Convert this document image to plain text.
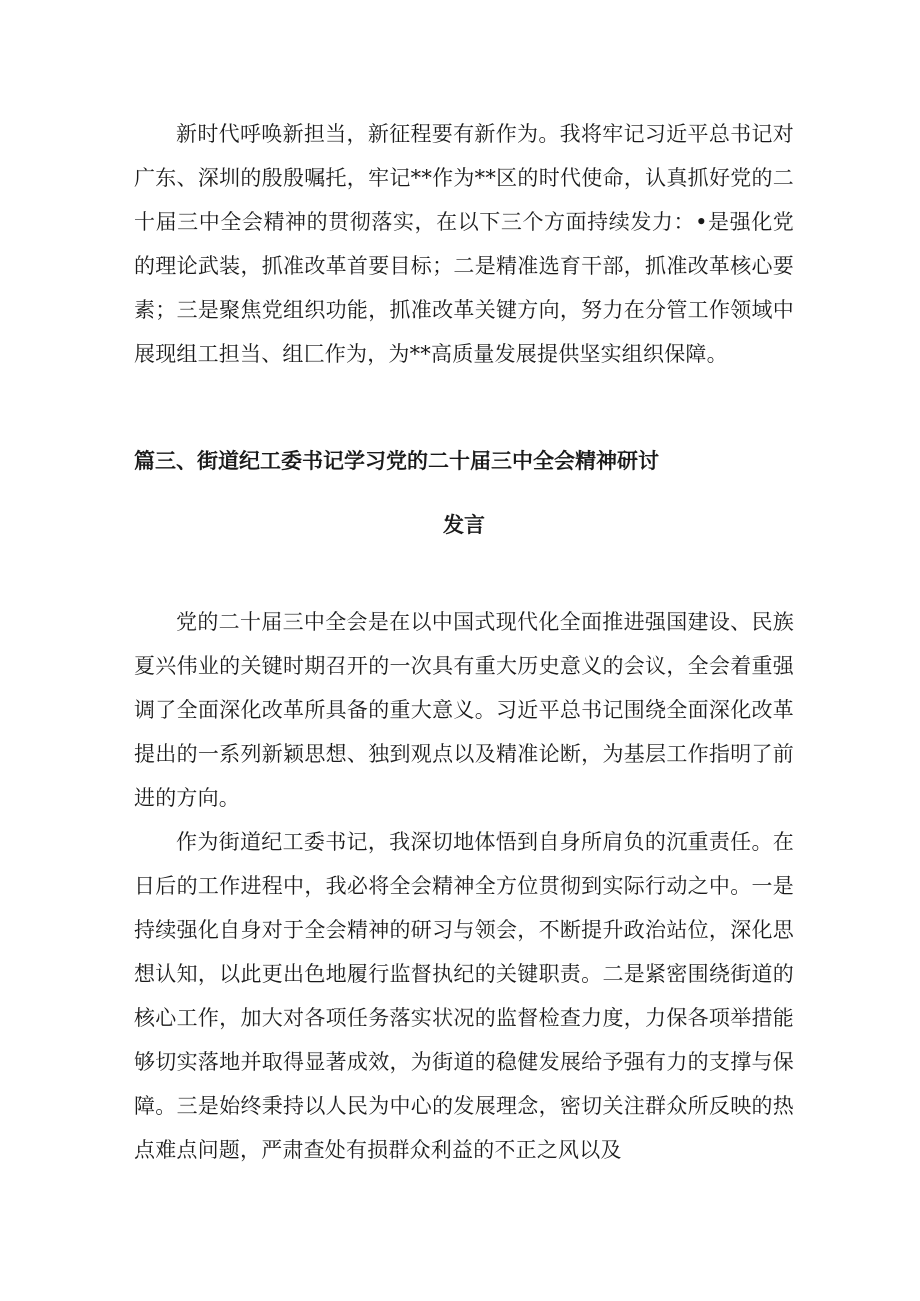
新时代呼唤新担当，新征程要有新作为。我将牢记习近平总书记对广东、深圳的殷殷嘱托，牢记**作为**区的时代使命，认真抓好党的二十届三中全会精神的贯彻落实，在以下三个方面持续发力：•是强化党的理论武装，抓准改革首要目标；二是精准选育干部，抓准改革核心要素；三是聚焦党组织功能，抓准改革关键方向，努力在分管工作领域中展现组工担当、组匚作为，为**高质量发展提供坚实组织保障。

篇三、街道纪工委书记学习党的二十届三中全会精神研讨

发言

党的二十届三中全会是在以中国式现代化全面推进强国建设、民族夏兴伟业的关键时期召开的一次具有重大历史意义的会议，全会着重强调了全面深化改革所具备的重大意义。习近平总书记围绕全面深化改革提出的一系列新颖思想、独到观点以及精准论断，为基层工作指明了前进的方向。

作为街道纪工委书记，我深切地体悟到自身所肩负的沉重责任。在日后的工作进程中，我必将全会精神全方位贯彻到实际行动之中。一是持续强化自身对于全会精神的研习与领会，不断提升政治站位，深化思想认知，以此更出色地履行监督执纪的关键职责。二是紧密围绕街道的核心工作，加大对各项任务落实状况的监督检查力度，力保各项举措能够切实落地并取得显著成效，为街道的稳健发展给予强有力的支撑与保障。三是始终秉持以人民为中心的发展理念，密切关注群众所反映的热点难点问题，严肃查处有损群众利益的不正之风以及
